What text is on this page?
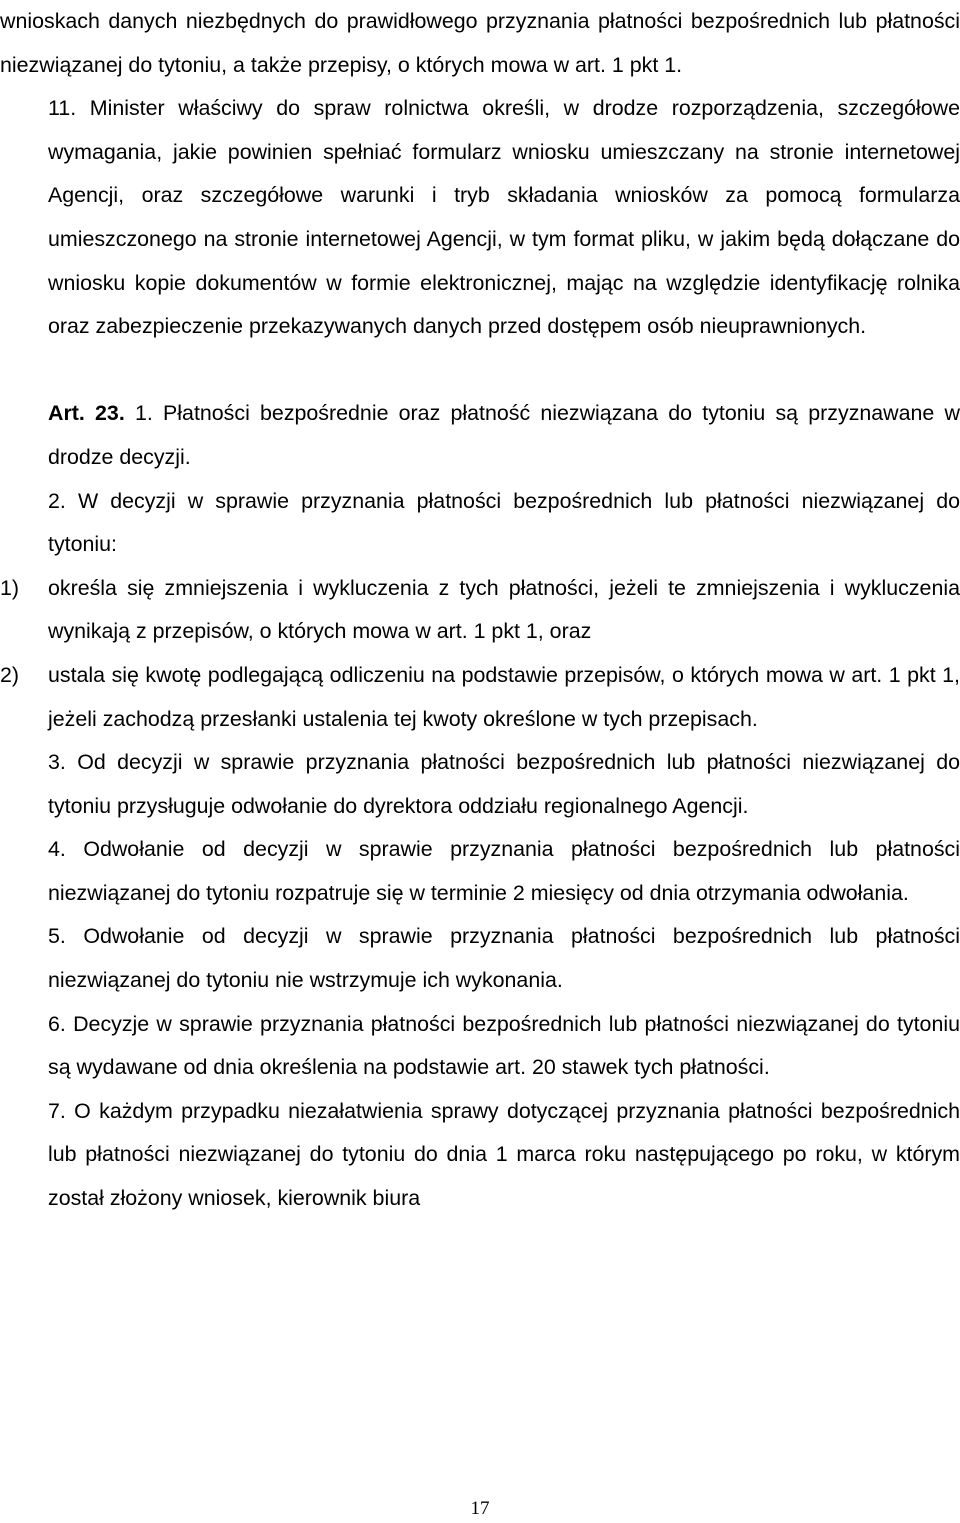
wnioskach danych niezbędnych do prawidłowego przyznania płatności bezpośrednich lub płatności niezwiązanej do tytoniu, a także przepisy, o których mowa w art. 1 pkt 1.

11. Minister właściwy do spraw rolnictwa określi, w drodze rozporządzenia, szczegółowe wymagania, jakie powinien spełniać formularz wniosku umieszczany na stronie internetowej Agencji, oraz szczegółowe warunki i tryb składania wniosków za pomocą formularza umieszczonego na stronie internetowej Agencji, w tym format pliku, w jakim będą dołączane do wniosku kopie dokumentów w formie elektronicznej, mając na względzie identyfikację rolnika oraz zabezpieczenie przekazywanych danych przed dostępem osób nieuprawnionych.

Art. 23. 1. Płatności bezpośrednie oraz płatność niezwiązana do tytoniu są przyznawane w drodze decyzji.

2. W decyzji w sprawie przyznania płatności bezpośrednich lub płatności niezwiązanej do tytoniu:

1)	określa się zmniejszenia i wykluczenia z tych płatności, jeżeli te zmniejszenia i wykluczenia wynikają z przepisów, o których mowa w art. 1 pkt 1, oraz
2)	ustala się kwotę podlegającą odliczeniu na podstawie przepisów, o których mowa w art. 1 pkt 1, jeżeli zachodzą przesłanki ustalenia tej kwoty określone w tych przepisach.

3. Od decyzji w sprawie przyznania płatności bezpośrednich lub płatności niezwiązanej do tytoniu przysługuje odwołanie do dyrektora oddziału regionalnego Agencji.

4. Odwołanie od decyzji w sprawie przyznania płatności bezpośrednich lub płatności niezwiązanej do tytoniu rozpatruje się w terminie 2 miesięcy od dnia otrzymania odwołania.

5. Odwołanie od decyzji w sprawie przyznania płatności bezpośrednich lub płatności niezwiązanej do tytoniu nie wstrzymuje ich wykonania.

6. Decyzje w sprawie przyznania płatności bezpośrednich lub płatności niezwiązanej do tytoniu są wydawane od dnia określenia na podstawie art. 20 stawek tych płatności.

7. O każdym przypadku niezałatwienia sprawy dotyczącej przyznania płatności bezpośrednich lub płatności niezwiązanej do tytoniu do dnia 1 marca roku następującego po roku, w którym został złożony wniosek, kierownik biura

17
